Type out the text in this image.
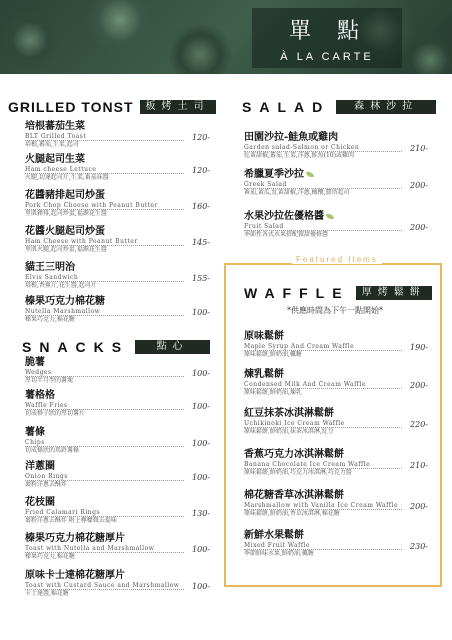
單點
À LA CARTE
GRILLED TONST	板烤土司
培根蕃茄生菜
BLT Grilled Toast
培根,蕃茄,生菜,起司
120-
火腿起司生菜
Ham cheese Lettuce
火腿,切達起司片,生菜,番茄抹醬
120-
花醬豬排起司炒蛋
Pork Chop Cheese with Peanut Butter
里肌豬排,起司炒蛋,福源花生醬
160-
花醬火腿起司炒蛋
Ham Cheese with Peanut Butter
里肌火腿,起司炒蛋,福源花生醬
145-
貓王三明治
Elvis Sandwich
培根,香蕉片,花生醬,起司片
155-
榛果巧克力棉花糖
Nutella Marshmallow
榛果巧克力,棉花糖
100-
SNACKS	點心
脆薯
Wedges
厚切半月型的薯塊
100-
薯格格
Waffle Fries
切成格子狀的厚切薯片
100-
薯條
Chips
切成條狀的馬鈴薯條
100-
洋蔥圈
Onion Rings
裹粉洋蔥去酥炸
100-
花枝圈
Fried Calamari Rings
裹粉洋蔥去酥炸 附上檸檬微去提味
130-
榛果巧克力棉花糖厚片
Toast with Nutella and Marshmallow
榛果巧克力,棉花糖
100-
原味卡士達棉花糖厚片
Toast with Custard Sauce and Marshmallow
卡士達醬,棉花糖
100-
SALAD	森林沙拉
田園沙拉-鮭魚或雞肉
Garden salad-Salmon or Chicken
紅黃甜椒,蕃茄,生菜,洋蔥,鮭魚(10)或雞肉
210-
希臘夏季沙拉
Greek Salad
番茄,黃瓜,紅黃甜椒,洋蔥,橄欖,費塔起司
200-
水果沙拉佐優格醬
Fruit Salad
季節性各式水果搭配微甜優格醬
200-
Featured Items
WAFFLE	厚烤鬆餅
*供應時間為下午一點開始*
原味鬆餅
Maple Syrup And Cream Waffle
原味鬆餅,鮮奶油,楓糖
190-
煉乳鬆餅
Condensed Milk And Cream Waffle
原味鬆餅,鮮奶油,煉乳
200-
紅豆抹茶冰淇淋鬆餅
Uchikinoki Ice Cream Waffle
原味鬆餅,鮮奶油,抹茶冰淇淋,紅豆
220-
香蕉巧克力冰淇淋鬆餅
Banana Chocolate Ice Cream Waffle
原味鬆餅,鮮奶油,巧克力冰淇淋,巧克力醬
210-
棉花糖香草冰淇淋鬆餅
Marshmallow with Vanilla Ice Cream Waffle
原味鬆餅,鮮奶油,香草冰淇淋,棉花糖
200-
新鮮水果鬆餅
Mixed Fruit Waffle
季節鮮味水果,鮮奶油,楓糖
230-
